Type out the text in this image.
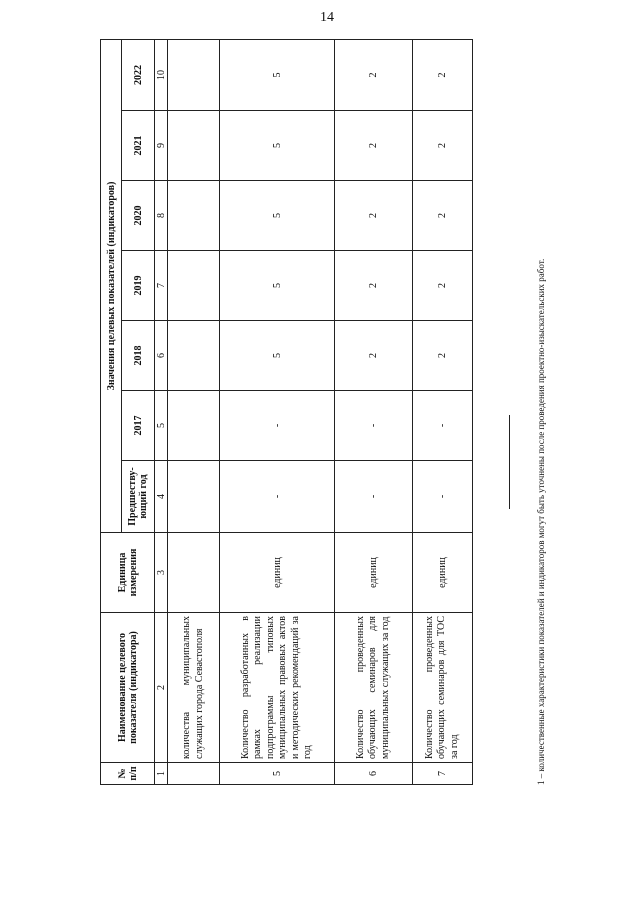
14
№ п/п	Наименование целевого показателя (индикатора)	Единица измерения	Значения целевых показателей (индикаторов)						
			Предшеству-ющий год	2017	2018	2019	2020	2021	2022
1	2	3	4	5	6	7	8	9	10
	количества муниципальных служащих города Севастополя								
5	Количество разработанных в рамках реализации подпрограммы типовых муниципальных правовых актов и методических рекомендаций за год	единиц	-	-	5	5	5	5	5
6	Количество проведенных обучающих семинаров для муниципальных служащих за год	единиц	-	-	2	2	2	2	2
7	Количество проведенных обучающих семинаров для ТОС за год	единиц	-	-	2	2	2	2	2
1 – количественные характеристики показателей и индикаторов могут быть уточнены после проведения проектно-изыскательских работ.
